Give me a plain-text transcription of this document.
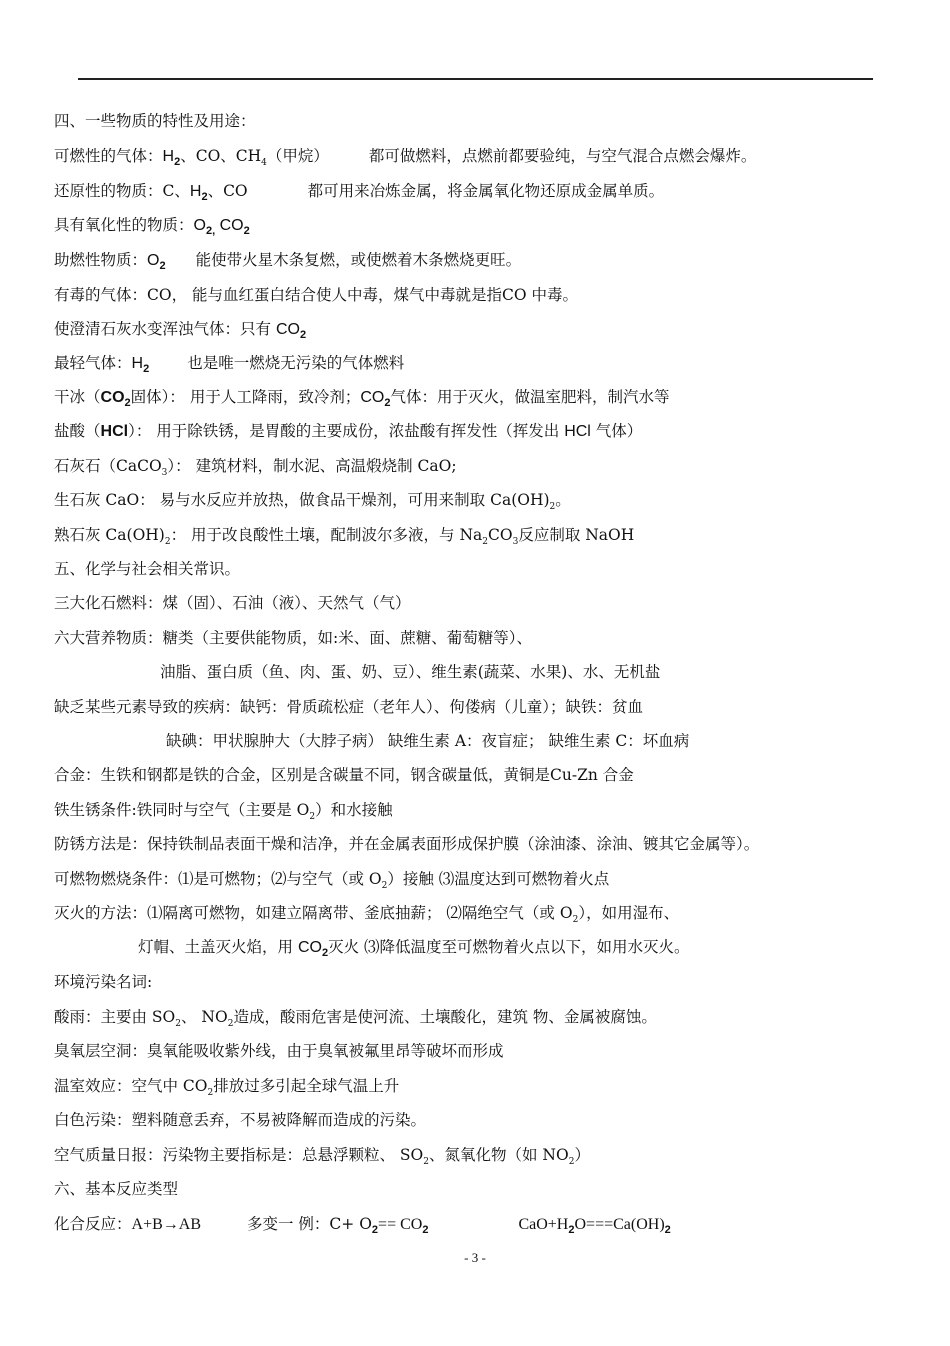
四、一些物质的特性及用途：
可燃性的气体：$H_2$、CO、$CH_4$（甲烷）	都可做燃料，点燃前都要验纯，与空气混合点燃会爆炸。
还原性的物质：C、$H_2$、CO	都可用来冶炼金属，将金属氧化物还原成金属单质。
具有氧化性的物质：$O_{2,}$ $CO_2$
助燃性物质：$O_2$ 能使带火星木条复燃，或使燃着木条燃烧更旺。
有毒的气体：CO， 能与血红蛋白结合使人中毒，煤气中毒就是指CO 中毒。
使澄清石灰水变浑浊气体：只有 $CO_2$
最轻气体：$H_2$ 也是唯一燃烧无污染的气体燃料
干冰（$CO_2$固体）： 用于人工降雨，致冷剂；$CO_2$气体：用于灭火，做温室肥料，制汽水等
盐酸（HCl）： 用于除铁锈，是胃酸的主要成份，浓盐酸有挥发性（挥发出 HCl 气体）
石灰石（CaCO$_3$）： 建筑材料，制水泥、高温煅烧制 CaO;
生石灰 CaO： 易与水反应并放热，做食品干燥剂，可用来制取 $Ca(OH)_2$。
熟石灰 $Ca(OH)_2$： 用于改良酸性土壤，配制波尔多液，与 $Na_2CO_3$反应制取 NaOH
五、化学与社会相关常识。
三大化石燃料：煤（固）、石油（液）、天然气（气）
六大营养物质：糖类（主要供能物质，如:米、面、蔗糖、葡萄糖等）、
油脂、蛋白质（鱼、肉、蛋、奶、豆）、维生素(蔬菜、水果)、水、无机盐
缺乏某些元素导致的疾病：缺钙：骨质疏松症（老年人）、佝偻病（儿童）；缺铁：贫血
缺碘：甲状腺肿大（大脖子病） 缺维生素 A：夜盲症； 缺维生素 C：坏血病
合金：生铁和钢都是铁的合金，区别是含碳量不同，钢含碳量低，黄铜是Cu-Zn 合金
铁生锈条件:铁同时与空气（主要是 $O_2$）和水接触
防锈方法是：保持铁制品表面干燥和洁净，并在金属表面形成保护膜（涂油漆、涂油、镀其它金属等）。
可燃物燃烧条件：⑴是可燃物；⑵与空气（或 $O_2$）接触 ⑶温度达到可燃物着火点
灭火的方法：⑴隔离可燃物，如建立隔离带、釜底抽薪； ⑵隔绝空气（或 $O_2$），如用湿布、
灯帽、土盖灭火焰，用 $CO_2$灭火 ⑶降低温度至可燃物着火点以下，如用水灭火。
环境污染名词:
酸雨：主要由 $SO_2$、 $NO_2$造成，酸雨危害是使河流、土壤酸化，建筑 物、金属被腐蚀。
臭氧层空洞：臭氧能吸收紫外线，由于臭氧被氟里昂等破坏而形成
温室效应：空气中 $CO_2$排放过多引起全球气温上升
白色污染：塑料随意丢弃，不易被降解而造成的污染。
空气质量日报：污染物主要指标是：总悬浮颗粒、 $SO_2$、氮氧化物（如 $NO_2$）
六、基本反应类型
化合反应：A+B→AB	多变一 例：$C+ O_2== CO_2$	$CaO+H_2O===Ca(OH)_2$
- 3 -
